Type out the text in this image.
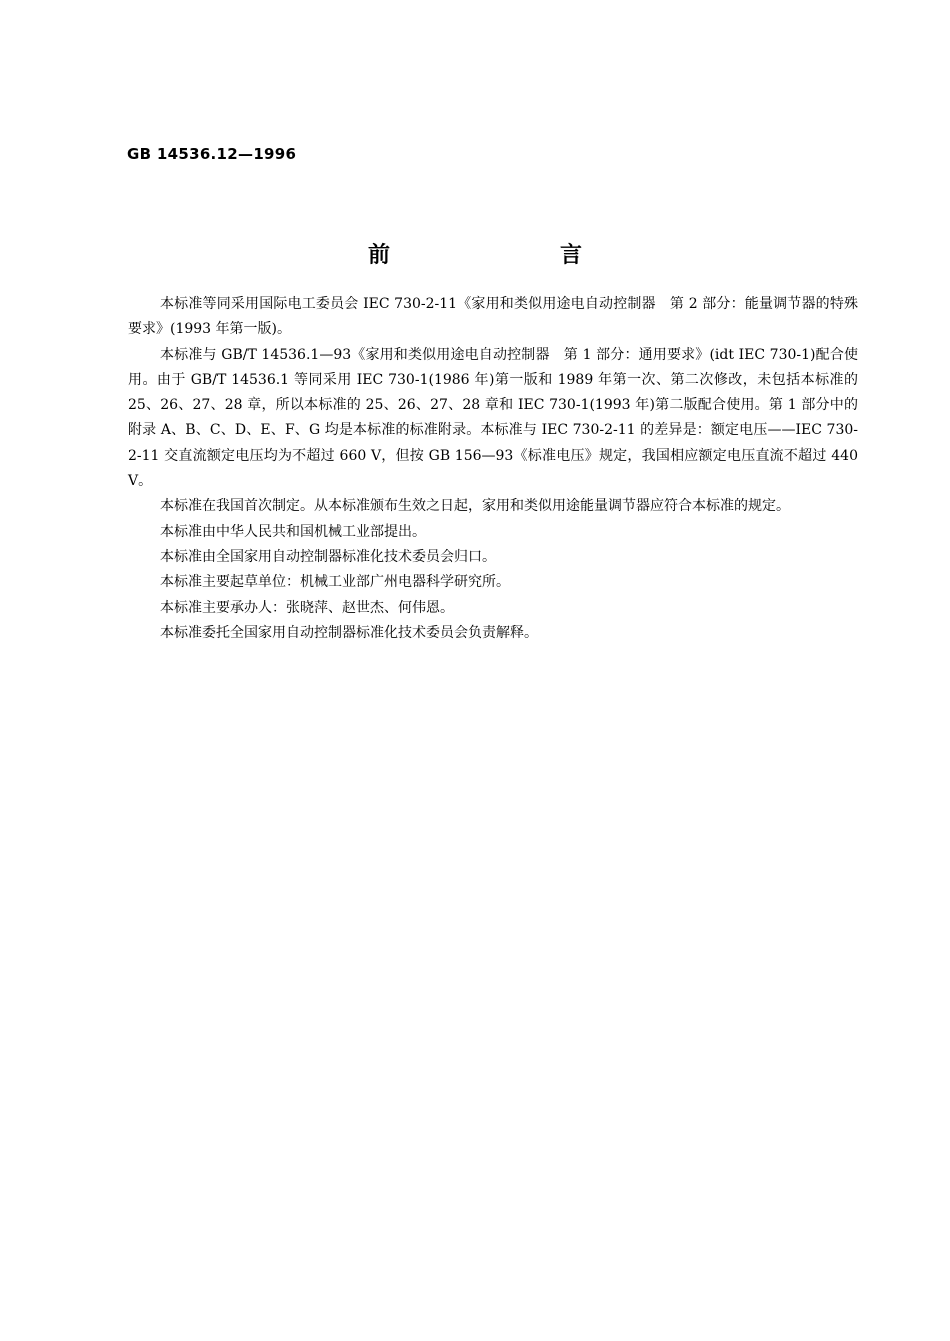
GB 14536.12—1996
前　言

本标准等同采用国际电工委员会 IEC 730-2-11《家用和类似用途电自动控制器　第 2 部分：能量调节器的特殊要求》(1993 年第一版)。

本标准与 GB/T 14536.1—93《家用和类似用途电自动控制器　第 1 部分：通用要求》(idt IEC 730-1)配合使用。由于 GB/T 14536.1 等同采用 IEC 730-1(1986 年)第一版和 1989 年第一次、第二次修改，未包括本标准的 25、26、27、28 章，所以本标准的 25、26、27、28 章和 IEC 730-1(1993 年)第二版配合使用。第 1 部分中的附录 A、B、C、D、E、F、G 均是本标准的标准附录。本标准与 IEC 730-2-11 的差异是：额定电压——IEC 730-2-11 交直流额定电压均为不超过 660 V，但按 GB 156—93《标准电压》规定，我国相应额定电压直流不超过 440 V。

本标准在我国首次制定。从本标准颁布生效之日起，家用和类似用途能量调节器应符合本标准的规定。

本标准由中华人民共和国机械工业部提出。

本标准由全国家用自动控制器标准化技术委员会归口。

本标准主要起草单位：机械工业部广州电器科学研究所。

本标准主要承办人：张晓萍、赵世杰、何伟恩。

本标准委托全国家用自动控制器标准化技术委员会负责解释。
